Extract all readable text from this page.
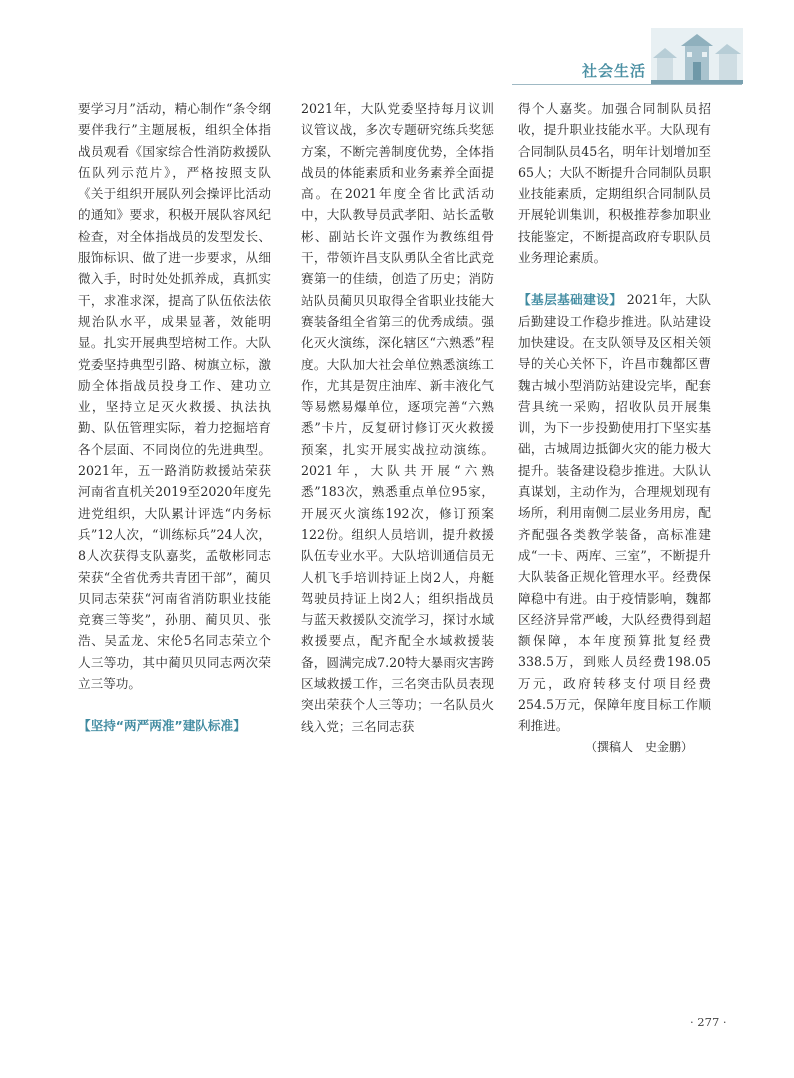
社会生活

要学习月”活动，精心制作“条令纲要伴我行”主题展板，组织全体指战员观看《国家综合性消防救援队伍队列示范片》，严格按照支队《关于组织开展队列会操评比活动的通知》要求，积极开展队容风纪检查，对全体指战员的发型发长、服饰标识、做了进一步要求，从细微入手，时时处处抓养成，真抓实干，求准求深，提高了队伍依法依规治队水平，成果显著，效能明显。扎实开展典型培树工作。大队党委坚持典型引路、树旗立标，激励全体指战员投身工作、建功立业，坚持立足灭火救援、执法执勤、队伍管理实际，着力挖掘培育各个层面、不同岗位的先进典型。2021年，五一路消防救援站荣获河南省直机关2019至2020年度先进党组织，大队累计评选“内务标兵”12人次，“训练标兵”24人次，8人次获得支队嘉奖，孟敬彬同志荣获“全省优秀共青团干部”，蔺贝贝同志荣获“河南省消防职业技能竞赛三等奖”，孙朋、蔺贝贝、张浩、吴孟龙、宋伦5名同志荣立个人三等功，其中蔺贝贝同志两次荣立三等功。

【坚持“两严两准”建队标准】

2021年，大队党委坚持每月议训议管议战，多次专题研究练兵奖惩方案，不断完善制度优势，全体指战员的体能素质和业务素养全面提高。在2021年度全省比武活动中，大队教导员武孝阳、站长孟敬彬、副站长许文强作为教练组骨干，带领许昌支队勇队全省比武竞赛第一的佳绩，创造了历史；消防站队员蔺贝贝取得全省职业技能大赛装备组全省第三的优秀成绩。强化灭火演练，深化辖区“六熟悉”程度。大队加大社会单位熟悉演练工作，尤其是贺庄油库、新丰液化气等易燃易爆单位，逐项完善“六熟悉”卡片，反复研讨修订灭火救援预案，扎实开展实战拉动演练。2021年，大队共开展“六熟悉”183次，熟悉重点单位95家，开展灭火演练192次，修订预案122份。组织人员培训，提升救援队伍专业水平。大队培训通信员无人机飞手培训持证上岗2人，舟艇驾驶员持证上岗2人；组织指战员与蓝天救援队交流学习，探讨水域救援要点，配齐配全水域救援装备，圆满完成7.20特大暴雨灾害跨区域救援工作，三名突击队员表现突出荣获个人三等功；一名队员火线入党；三名同志获

得个人嘉奖。加强合同制队员招收，提升职业技能水平。大队现有合同制队员45名，明年计划增加至65人；大队不断提升合同制队员职业技能素质，定期组织合同制队员开展轮训集训，积极推荐参加职业技能鉴定，不断提高政府专职队员业务理论素质。

【基层基础建设】 2021年，大队后勤建设工作稳步推进。队站建设加快建设。在支队领导及区相关领导的关心关怀下，许昌市魏都区曹魏古城小型消防站建设完毕，配套营具统一采购，招收队员开展集训，为下一步投勤使用打下坚实基础，古城周边抵御火灾的能力极大提升。装备建设稳步推进。大队认真谋划，主动作为，合理规划现有场所，利用南侧二层业务用房，配齐配强各类教学装备，高标准建成“一卡、两库、三室”，不断提升大队装备正规化管理水平。经费保障稳中有进。由于疫情影响，魏都区经济异常严峻，大队经费得到超额保障，本年度预算批复经费338.5万，到账人员经费198.05万元，政府转移支付项目经费254.5万元，保障年度目标工作顺利推进。

（撰稿人　史金鹏）

· 277 ·
